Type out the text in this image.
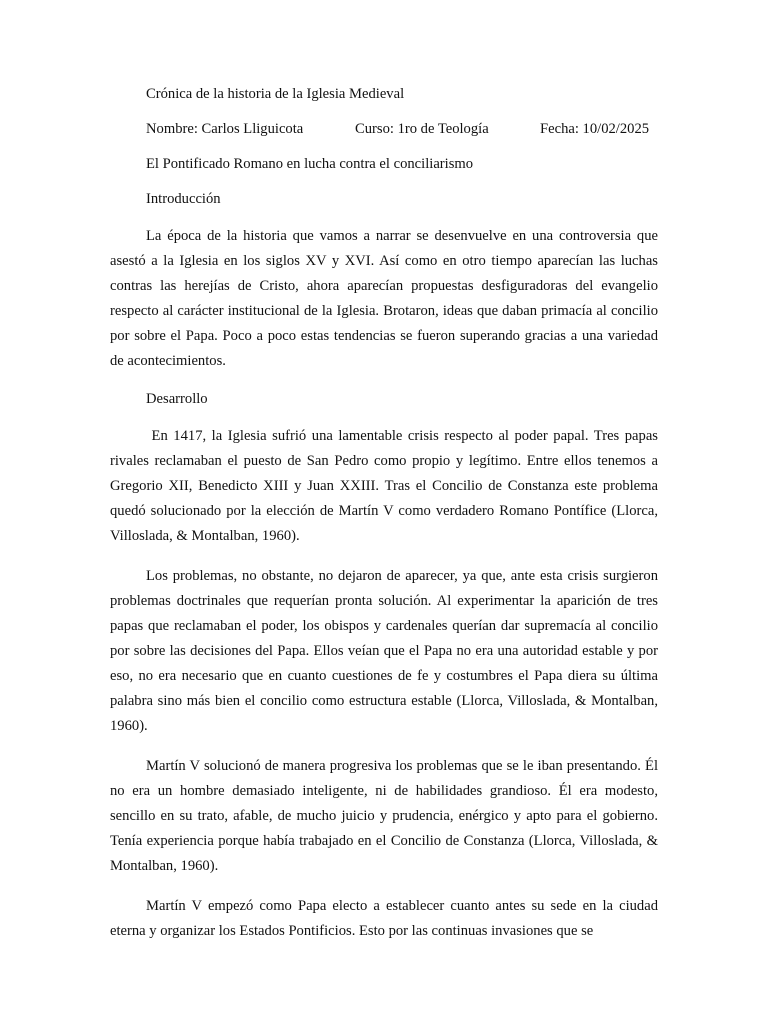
Crónica de la historia de la Iglesia Medieval

Nombre: Carlos Lliguicota	Curso: 1ro de Teología	Fecha: 10/02/2025

El Pontificado Romano en lucha contra el conciliarismo

Introducción

La época de la historia que vamos a narrar se desenvuelve en una controversia que asestó a la Iglesia en los siglos XV y XVI. Así como en otro tiempo aparecían las luchas contras las herejías de Cristo, ahora aparecían propuestas desfiguradoras del evangelio respecto al carácter institucional de la Iglesia. Brotaron, ideas que daban primacía al concilio por sobre el Papa. Poco a poco estas tendencias se fueron superando gracias a una variedad de acontecimientos.

Desarrollo

En 1417, la Iglesia sufrió una lamentable crisis respecto al poder papal. Tres papas rivales reclamaban el puesto de San Pedro como propio y legítimo. Entre ellos tenemos a Gregorio XII, Benedicto XIII y Juan XXIII. Tras el Concilio de Constanza este problema quedó solucionado por la elección de Martín V como verdadero Romano Pontífice (Llorca, Villoslada, & Montalban, 1960).

Los problemas, no obstante, no dejaron de aparecer, ya que, ante esta crisis surgieron problemas doctrinales que requerían pronta solución. Al experimentar la aparición de tres papas que reclamaban el poder, los obispos y cardenales querían dar supremacía al concilio por sobre las decisiones del Papa. Ellos veían que el Papa no era una autoridad estable y por eso, no era necesario que en cuanto cuestiones de fe y costumbres el Papa diera su última palabra sino más bien el concilio como estructura estable (Llorca, Villoslada, & Montalban, 1960).

Martín V solucionó de manera progresiva los problemas que se le iban presentando. Él no era un hombre demasiado inteligente, ni de habilidades grandioso. Él era modesto, sencillo en su trato, afable, de mucho juicio y prudencia, enérgico y apto para el gobierno. Tenía experiencia porque había trabajado en el Concilio de Constanza (Llorca, Villoslada, & Montalban, 1960).

Martín V empezó como Papa electo a establecer cuanto antes su sede en la ciudad eterna y organizar los Estados Pontificios. Esto por las continuas invasiones que se
